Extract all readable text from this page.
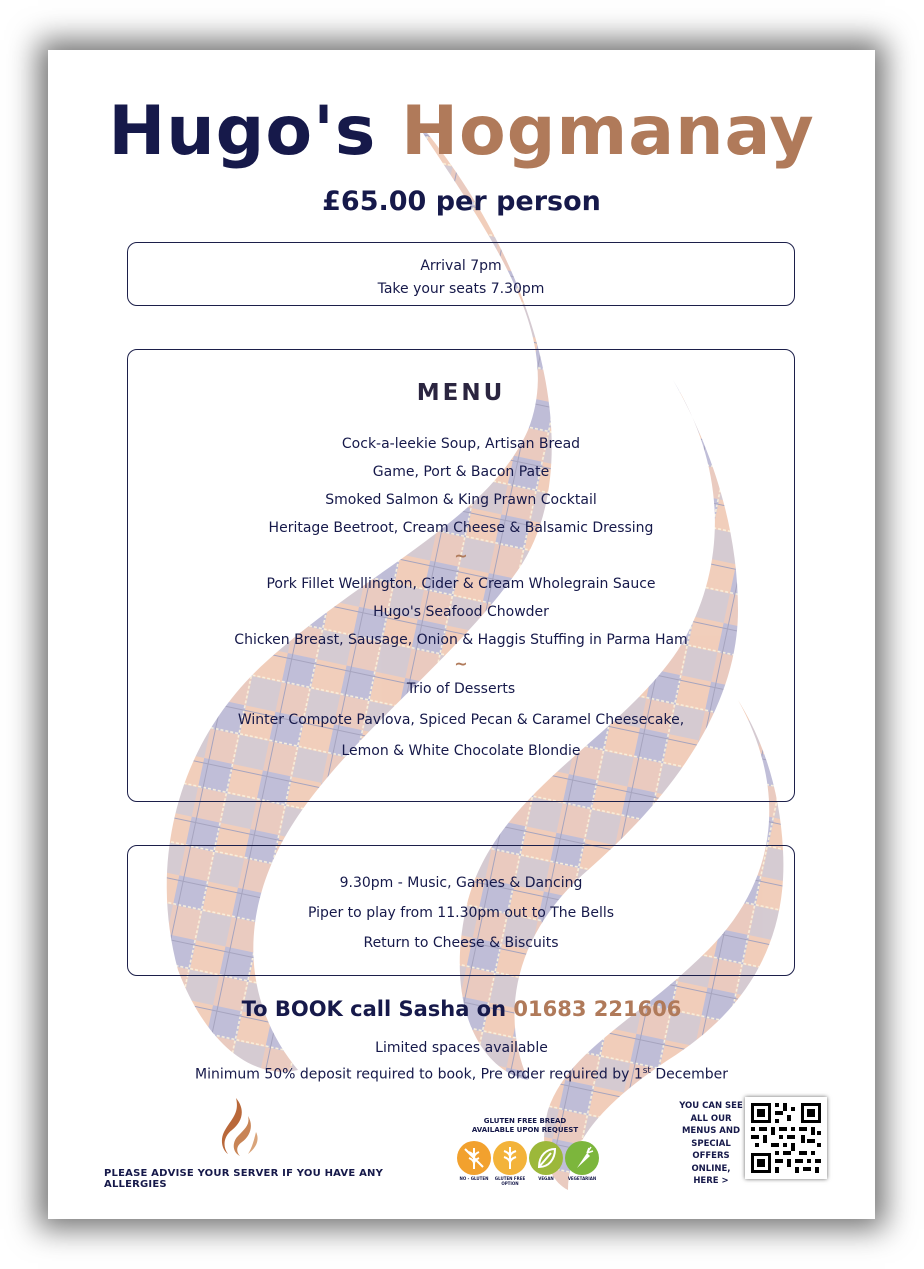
Hugo's Hogmanay
£65.00 per person
Arrival 7pm
Take your seats 7.30pm
MENU
Cock-a-leekie Soup, Artisan Bread
Game, Port & Bacon Pate
Smoked Salmon & King Prawn Cocktail
Heritage Beetroot, Cream Cheese & Balsamic Dressing
~
Pork Fillet Wellington, Cider & Cream Wholegrain Sauce
Hugo's Seafood Chowder
Chicken Breast, Sausage, Onion & Haggis Stuffing in Parma Ham
~
Trio of Desserts
Winter Compote Pavlova, Spiced Pecan & Caramel Cheesecake,
Lemon & White Chocolate Blondie
9.30pm - Music, Games & Dancing
Piper to play from 11.30pm out to The Bells
Return to Cheese & Biscuits
To BOOK call Sasha on 01683 221606
Limited spaces available
Minimum 50% deposit required to book, Pre order required by 1st December
PLEASE ADVISE YOUR SERVER IF YOU HAVE ANY ALLERGIES
GLUTEN FREE BREAD
AVAILABLE UPON REQUEST
NO - GLUTEN	GLUTEN FREE OPTION
VEGAN	VEGETARIAN
YOU CAN SEE
ALL OUR
MENUS AND
SPECIAL
OFFERS ONLINE,
HERE >
